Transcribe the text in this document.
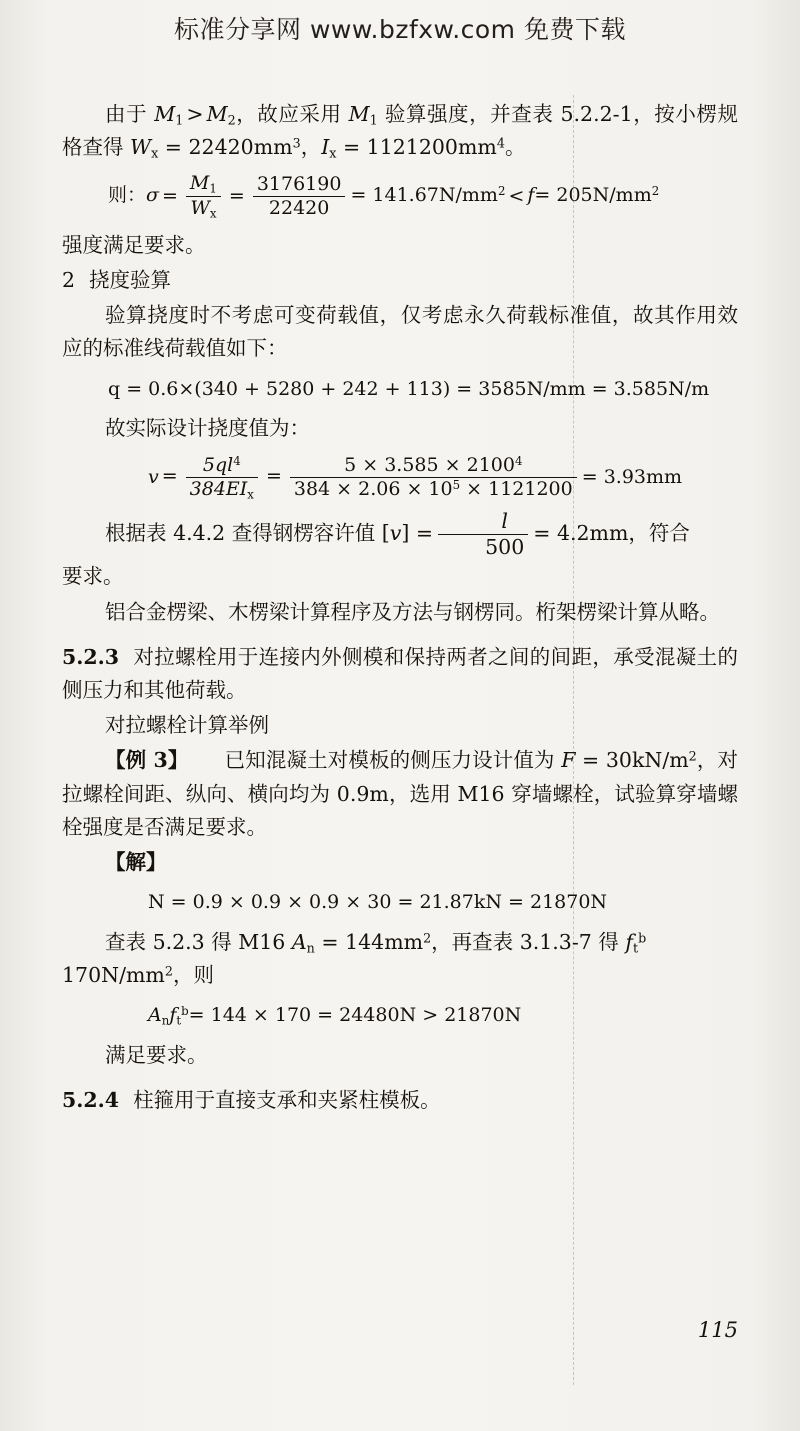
标准分享网 www.bzfxw.com 免费下载

由于 $M_1 > M_2$，故应采用 $M_1$ 验算强度，并查表 5.2.2-1，按小楞规格查得 $W_x = 22420mm^3$，$I_x = 1121200mm^4$。

则：$\sigma = \frac{M_1}{W_x} = \frac{3176190}{22420} = 141.67N/mm^2 < f= 205N/mm^2$

强度满足要求。

2 挠度验算

验算挠度时不考虑可变荷载值，仅考虑永久荷载标准值，故其作用效应的标准线荷载值如下：

q = 0.6×(340 + 5280 + 242 + 113) = 3585N/mm = 3.585N/m

故实际设计挠度值为：

$v = \frac{5ql^4}{384EI_x} = \frac{5 \times 3.585 \times 2100^4}{384 \times 2.06 \times 10^5 \times 1121200} = 3.93mm$

根据表 4.4.2 查得钢楞容许值 $[v] = \frac{l}{500} = 4.2mm$，符合

要求。

铝合金楞梁、木楞梁计算程序及方法与钢楞同。桁架楞梁计算从略。

5.2.3 对拉螺栓用于连接内外侧模和保持两者之间的间距，承受混凝土的侧压力和其他荷载。

对拉螺栓计算举例

【例 3】 已知混凝土对模板的侧压力设计值为 $F = 30kN/m^2$，对拉螺栓间距、纵向、横向均为 0.9m，选用 M16 穿墙螺栓，试验算穿墙螺栓强度是否满足要求。

【解】

N = 0.9 × 0.9 × 0.9 × 30 = 21.87kN = 21870N

查表 5.2.3 得 M16 $A_n = 144mm^2$，再查表 3.1.3-7 得 $f_t^b$

$170N/mm^2$，则

$A_nf_t^b= 144 \times 170 = 24480N > 21870N$

满足要求。

5.2.4 柱箍用于直接支承和夹紧柱模板。

115
